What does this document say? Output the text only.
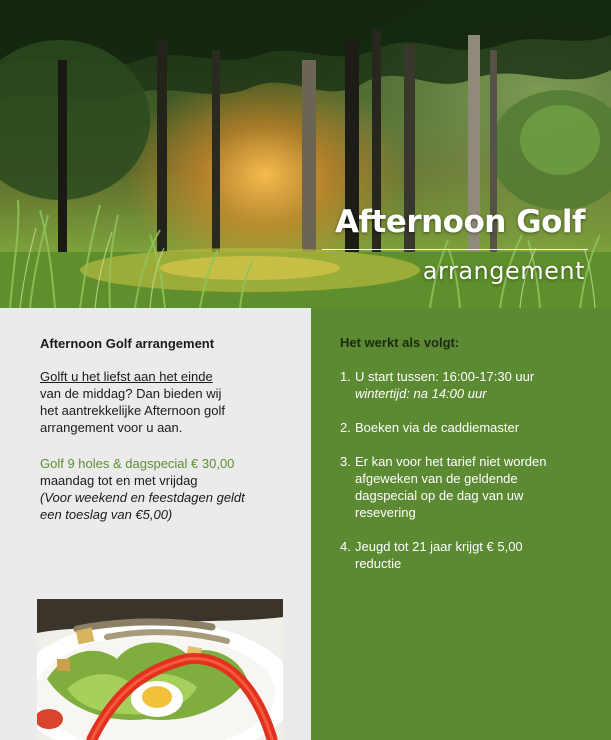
Afternoon Golf
arrangement
Afternoon Golf arrangement
Golft u het liefst aan het einde
van de middag? Dan bieden wij
het aantrekkelijke Afternoon golf
arrangement voor u aan.
Golf 9 holes & dagspecial € 30,00
maandag tot en met vrijdag
(Voor weekend en feestdagen geldt
een toeslag van €5,00)
Het werkt als volgt:
1. U start tussen: 16:00-17:30 uur
wintertijd: na 14:00 uur
2. Boeken via de caddiemaster
3. Er kan voor het tarief niet worden
afgeweken van de geldende
dagspecial op de dag van uw
resevering
4. Jeugd tot 21 jaar krijgt € 5,00
reductie
